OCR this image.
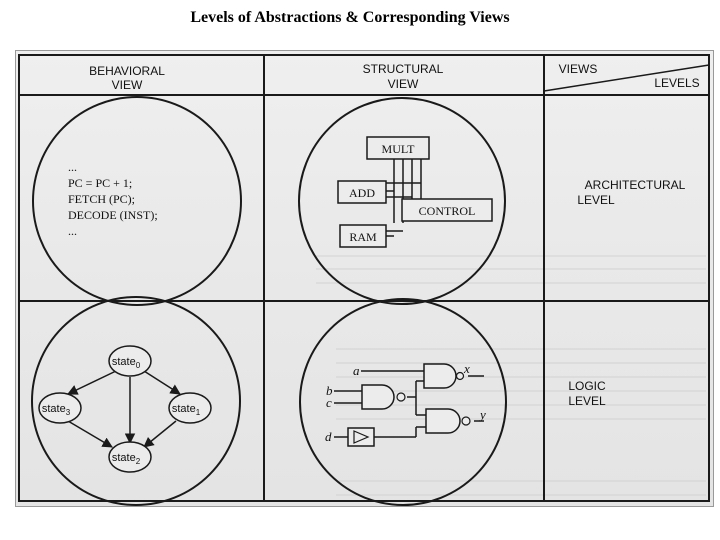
Levels of Abstractions & Corresponding Views
BEHAVIORAL
VIEW
STRUCTURAL
VIEW
VIEWS
LEVELS
...
PC = PC + 1;
FETCH (PC);
DECODE (INST);
...
MULT
ADD
CONTROL
RAM
ARCHITECTURAL
LEVEL
state$_0$
state$_3$	state$_1$
state$_2$
a
b
c
d
x
y
LOGIC
LEVEL
